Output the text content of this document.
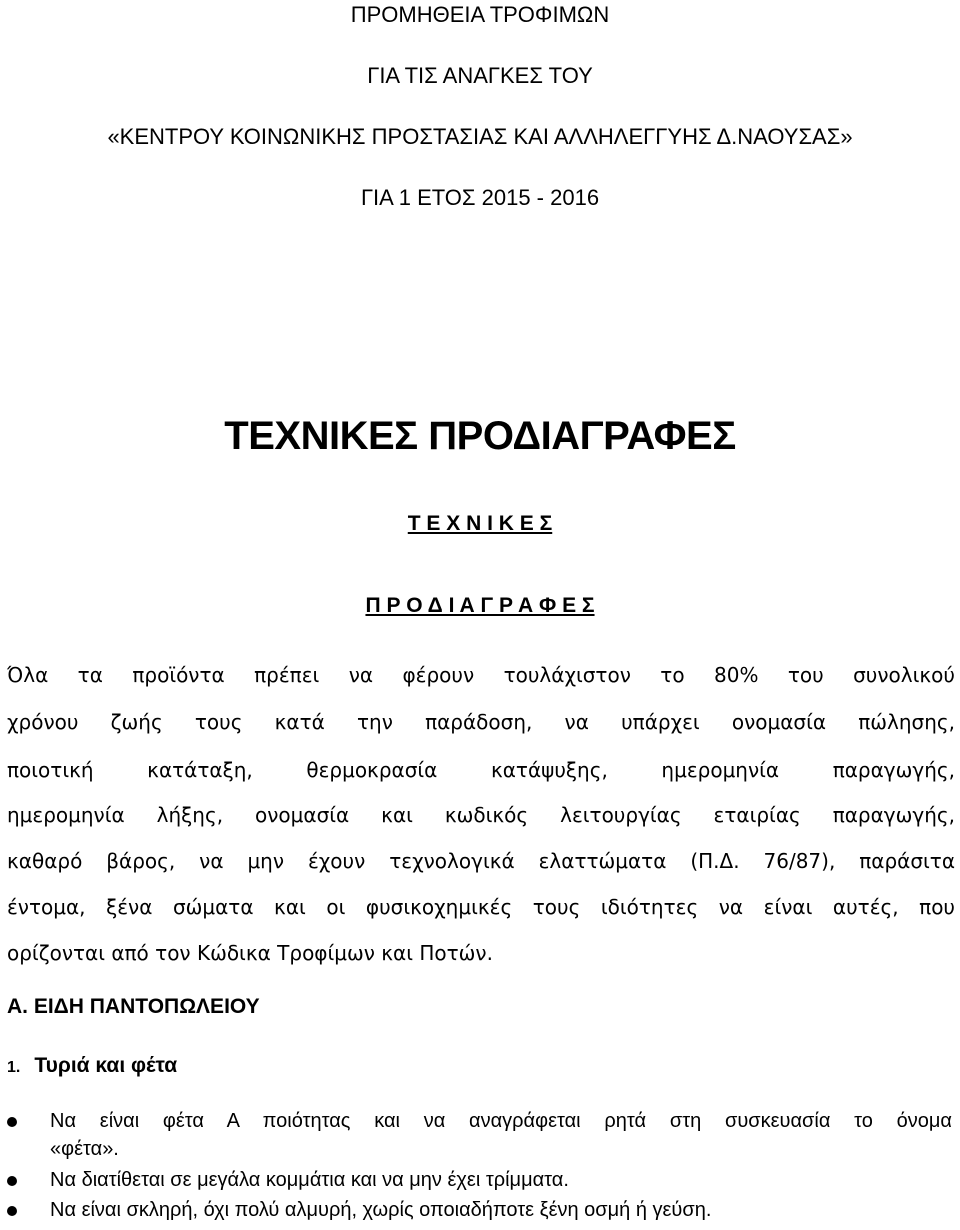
ΠΡΟΜΗΘΕΙΑ ΤΡΟΦΙΜΩΝ
ΓΙΑ ΤΙΣ ΑΝΑΓΚΕΣ ΤΟΥ
«ΚΕΝΤΡΟΥ ΚΟΙΝΩΝΙΚΗΣ ΠΡΟΣΤΑΣΙΑΣ ΚΑΙ ΑΛΛΗΛΕΓΓΥΗΣ Δ.ΝΑΟΥΣΑΣ»
ΓΙΑ 1 ΕΤΟΣ 2015 - 2016
ΤΕΧΝΙΚΕΣ ΠΡΟΔΙΑΓΡΑΦΕΣ
Τ Ε Χ Ν Ι Κ Ε Σ
Π Ρ Ο Δ Ι Α Γ Ρ Α Φ Ε Σ
Όλα τα προϊόντα πρέπει να φέρουν τουλάχιστον το 80% του συνολικού
χρόνου ζωής τους κατά την παράδοση, να υπάρχει ονομασία πώλησης,
ποιοτική κατάταξη, θερμοκρασία κατάψυξης, ημερομηνία παραγωγής,
ημερομηνία λήξης, ονομασία και κωδικός λειτουργίας εταιρίας παραγωγής,
καθαρό βάρος, να μην έχουν τεχνολογικά ελαττώματα (Π.Δ. 76/87), παράσιτα
έντομα, ξένα σώματα και οι φυσικοχημικές τους ιδιότητες να είναι αυτές, που
ορίζονται από τον Κώδικα Τροφίμων και Ποτών.
Α. ΕΙΔΗ ΠΑΝΤΟΠΩΛΕΙΟΥ
1. Τυριά και φέτα
Να είναι φέτα Α ποιότητας και να αναγράφεται ρητά στη συσκευασία το όνομα
«φέτα».
Να διατίθεται σε μεγάλα κομμάτια και να μην έχει τρίμματα.
Να είναι σκληρή, όχι πολύ αλμυρή, χωρίς οποιαδήποτε ξένη οσμή ή γεύση.
